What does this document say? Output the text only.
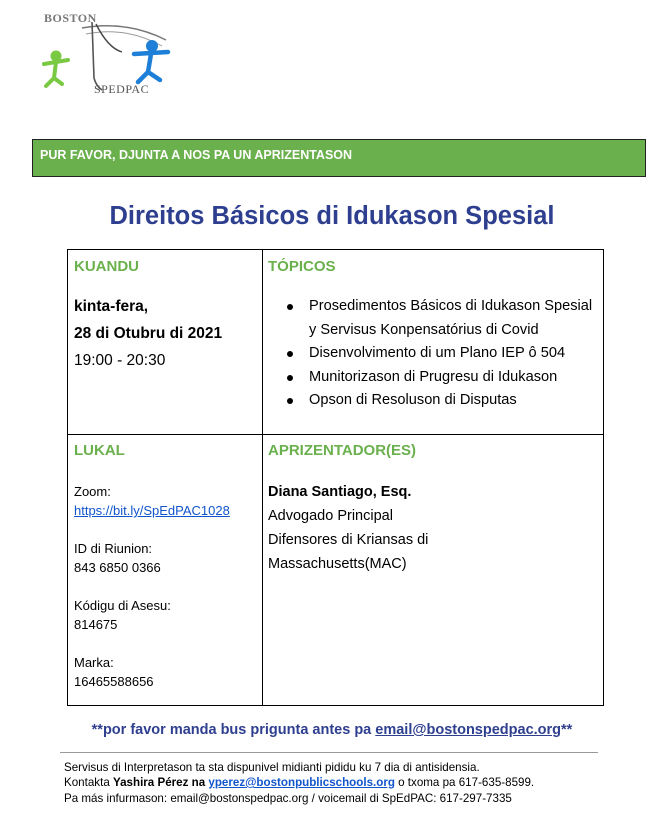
BOSTON
SPEDPAC
PUR FAVOR, DJUNTA A NOS PA UN APRIZENTASON
Direitos Básicos di Idukason Spesial
KUANDU
kinta-fera,
28 di Otubru di 2021
19:00 - 20:30
TÓPICOS
Prosedimentos Básicos di Idukason Spesial
y Servisus Konpensatórius di Covid
Disenvolvimento di um Plano IEP ô 504
Munitorizason di Prugresu di Idukason
Opson di Resoluson di Disputas
LUKAL
Zoom:
https://bit.ly/SpEdPAC1028
ID di Riunion:
843 6850 0366
Kódigu di Asesu:
814675
Marka:
16465588656
APRIZENTADOR(ES)
Diana Santiago, Esq.
Advogado Principal
Difensores di Kriansas di
Massachusetts(MAC)
**por favor manda bus prigunta antes pa email@bostonspedpac.org**
Servisus di Interpretason ta sta dispunivel midianti pididu ku 7 dia di antisidensia.
Kontakta Yashira Pérez na yperez@bostonpublicschools.org o txoma pa 617-635-8599.
Pa más infurmason: email@bostonspedpac.org / voicemail di SpEdPAC: 617-297-7335
